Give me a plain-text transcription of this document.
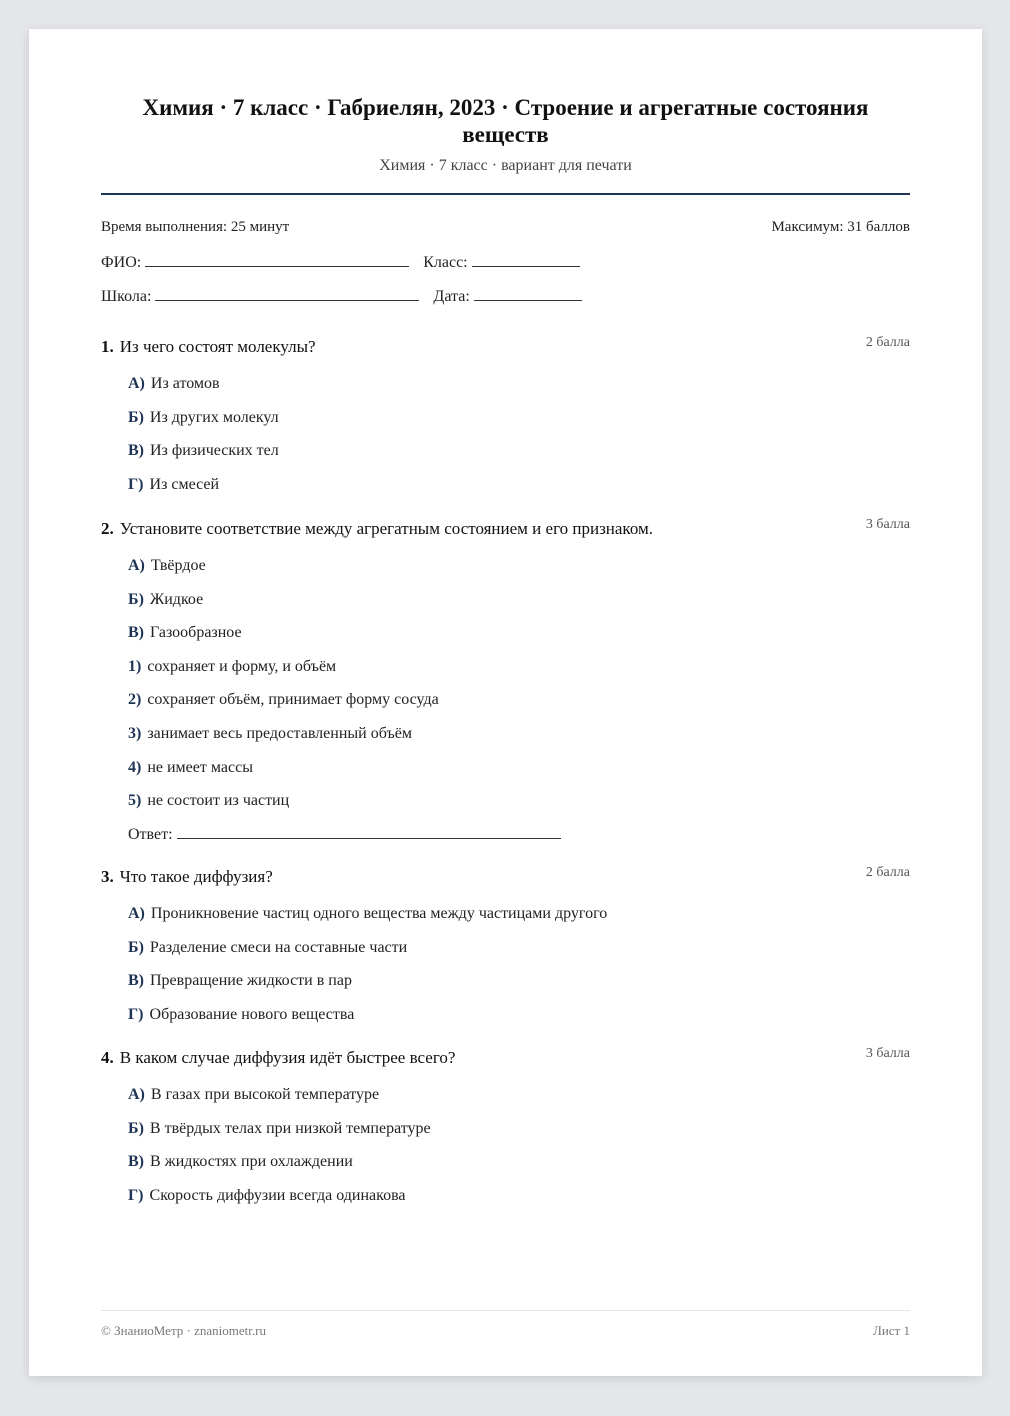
Химия · 7 класс · Габриелян, 2023 · Строение и агрегатные состояния веществ
Химия · 7 класс · вариант для печати
Время выполнения: 25 минут	Максимум: 31 баллов
ФИО:	Класс:
Школа:	Дата:
1. Из чего состоят молекулы?	2 балла
А) Из атомов
Б) Из других молекул
В) Из физических тел
Г) Из смесей
2. Установите соответствие между агрегатным состоянием и его признаком.	3 балла
А) Твёрдое
Б) Жидкое
В) Газообразное
1) сохраняет и форму, и объём
2) сохраняет объём, принимает форму сосуда
3) занимает весь предоставленный объём
4) не имеет массы
5) не состоит из частиц
Ответ:
3. Что такое диффузия?	2 балла
А) Проникновение частиц одного вещества между частицами другого
Б) Разделение смеси на составные части
В) Превращение жидкости в пар
Г) Образование нового вещества
4. В каком случае диффузия идёт быстрее всего?	3 балла
А) В газах при высокой температуре
Б) В твёрдых телах при низкой температуре
В) В жидкостях при охлаждении
Г) Скорость диффузии всегда одинакова
© ЗнаниоМетр · znaniometr.ru	Лист 1
